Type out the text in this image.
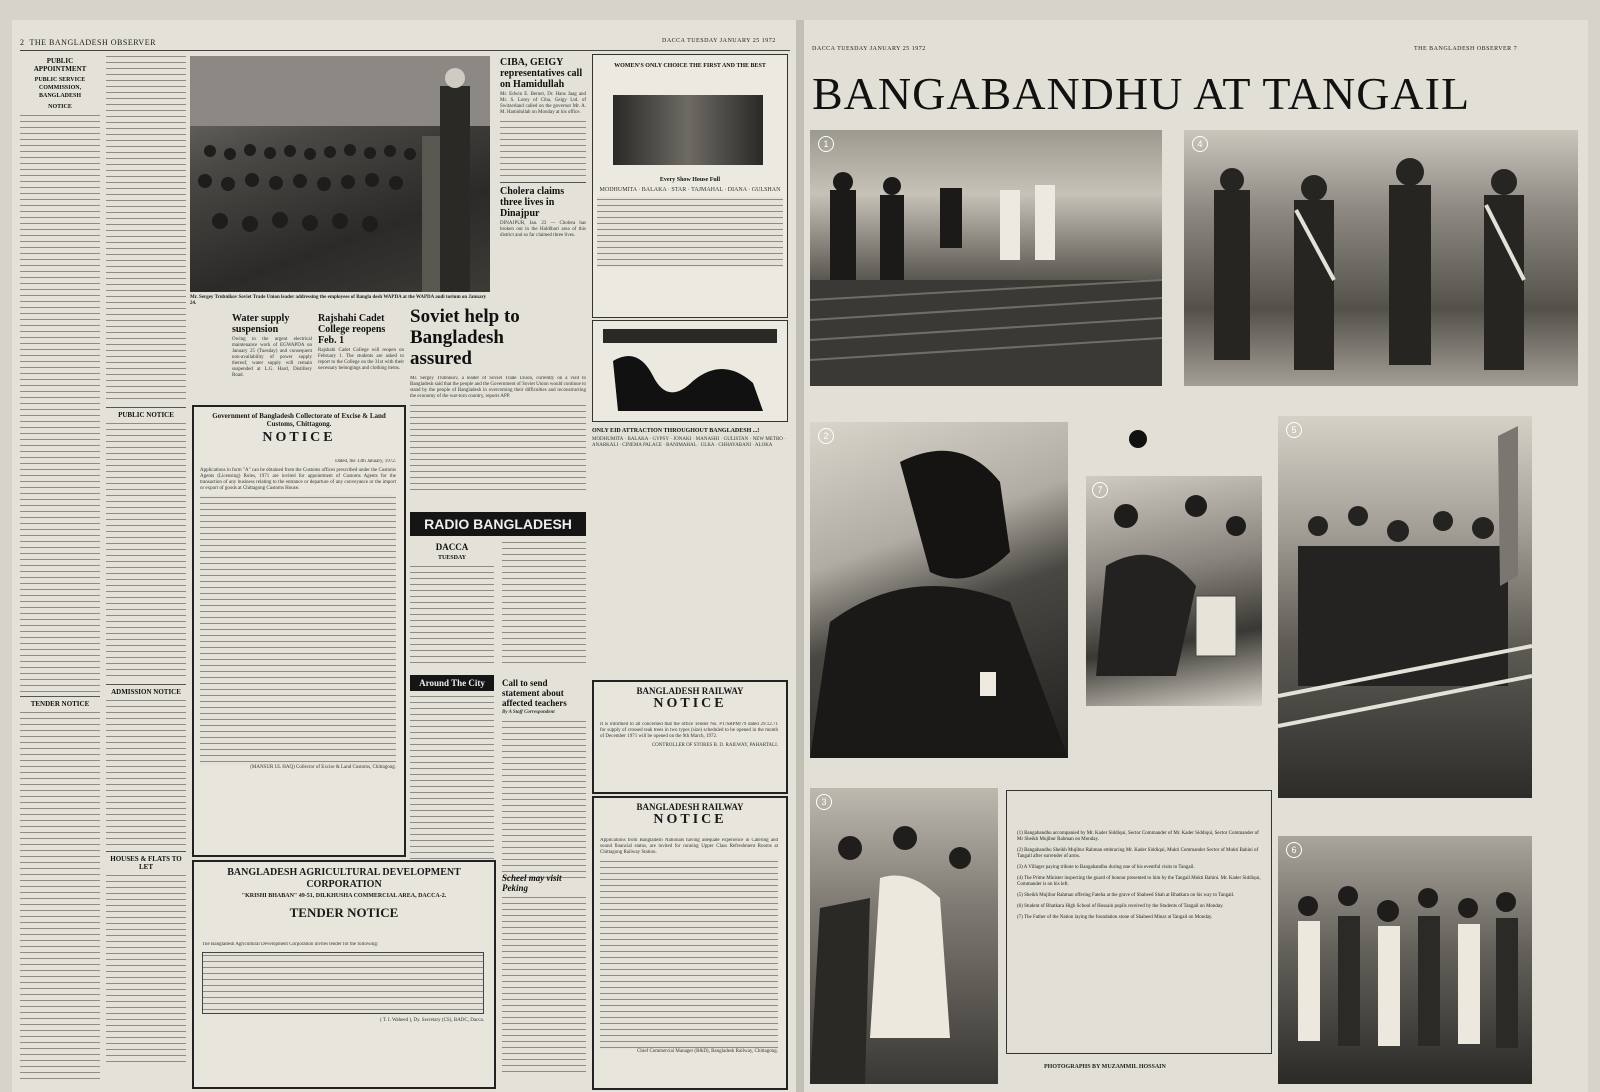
2 THE BANGLADESH OBSERVER	DACCA TUESDAY JANUARY 25 1972
PUBLIC APPOINTMENT
PUBLIC SERVICE COMMISSION, BANGLADESH
NOTICE
TENDER NOTICE
PUBLIC NOTICE
ADMISSION NOTICE
HOUSES & FLATS TO LET
Mr. Sergey Trubnikov Soviet Trade Union leader addressing the employees of Bangla desh WAPDA at the WAPDA audi torium on January 24.
CIBA, GEIGY representatives call on Hamidullah

Mr. Edwin E. Bernet, Dr. Hans Jaag and Mr. S. Lorey of Ciba, Geigy Ltd. of Switzerland called on the governor Mr. A. M. Hamidullah on Monday at his office.

Cholera claims three lives in Dinajpur

DINAJPUR, Jan. 23 — Cholera has broken out in the Haldibari area of this district and so far claimed three lives.

WOMEN'S ONLY CHOICE THE FIRST AND THE BEST
Every Show House Full

MODHUMITA · BALAKA · STAR · TAJMAHAL · DIANA · GULSHAN

Water supply suspension

Owing to the urgent electrical maintenance work of EGWAPDA on January 25 (Tuesday) and consequent non-availability of power supply thereof, water supply will remain suspended at L.G. Hard, Distillery Road.

Rajshahi Cadet College reopens Feb. 1

Rajshahi Cadet College will reopen on February 1. The students are asked to report to the College on the 31st with their necessary belongings and clothing items.

Soviet help to Bangladesh assured

Mr. Sergey Trubnikov, a leader of Soviet Trade Union, currently on a visit to Bangladesh said that the people and the Government of Soviet Union would continue to stand by the people of Bangladesh in overcoming their difficulties and reconstructing the economy of the war-torn country, reports APP.

ONLY EID ATTRACTION THROUGHOUT BANGLADESH ...!

MODHUMITA · BALAKA · GYPSY · JONAKI · MANASHI · GULISTAN · NEW METRO · ANARKALI · CINEMA PALACE · BANIMAHAL · ULKA · CHHAYABANI · ALOKA

Government of Bangladesh Collectorate of Excise & Land Customs, Chittagong.
NOTICE

Dated, the 13th January, 1972.

Applications in form "A" can be obtained from the Customs offices prescribed under the Customs Agents (Licensing) Rules, 1971 are invited for appointment of Customs Agents for the transaction of any business relating to the entrance or departure of any conveyance or the import or export of goods at Chittagong Customs House.

(MANSUR UL HAQ) Collector of Excise & Land Customs, Chittagong.

RADIO BANGLADESH
DACCA
TUESDAY
Around The City	Call to send statement about affected teachers

By A Staff Correspondent

Scheel may visit Peking
BANGLADESH RAILWAY
NOTICE

It is informed to all concerned that the office Tender No. PT/SRPM/79 dated 29.12.71 for supply of crossed teak trees in two types (size) scheduled to be opened in the month of December 1971 will be opened on the 9th March, 1972.

CONTROLLER OF STORES B. D. RAILWAY, PAHARTALI.

BANGLADESH RAILWAY
NOTICE

Applications from Bangladesh Nationals having adequate experience in Catering and sound financial status, are invited for running Upper Class Refreshment Rooms at Chittagong Railway Station.

Chief Commercial Manager (B&D), Bangladesh Railway, Chittagong.

BANGLADESH AGRICULTURAL DEVELOPMENT CORPORATION
"KRISHI BHABAN" 49-51, DILKHUSHA COMMERCIAL AREA, DACCA-2.
TENDER NOTICE

The Bangladesh Agricultural Development Corporation invites tender for the following:

( T. I. Waheed ), Dy. Secretary (CS), BADC, Dacca.

DACCA TUESDAY JANUARY 25 1972	THE BANGLADESH OBSERVER 7
BANGABANDHU AT TANGAIL
1	4
2
7
5
3

(1) Bangabandhu accompanied by Mr. Kader Siddiqui, Sector Commander of Mr. Kader Siddiqui, Sector Commander of Mr Sheikh Mujibur Rahman on Monday.

(2) Bangabandhu Sheikh Mujibur Rahman embracing Mr. Kader Siddiqui, Mukti Commander Sector of Mukti Bahini of Tangail after surrender of arms.

(3) A Villager paying tribute to Bangabandhu during one of his eventful visits to Tangail.

(4) The Prime Minister inspecting the guard of honour presented to him by the Tangail Mukti Bahini. Mr. Kader Siddiqui, Commander is on his left.

(5) Sheikh Mujibur Rahman offering Fateha at the grave of Shaheed Shah at Bhatkara on his way to Tangail.

(6) Student of Bhatkara High School of Hossain pupils received by the Students of Tangail on Monday.

(7) The Father of the Nation laying the foundation stone of Shaheed Minar at Tangail on Monday.

PHOTOGRAPHS BY MUZAMMIL HOSSAIN
6
